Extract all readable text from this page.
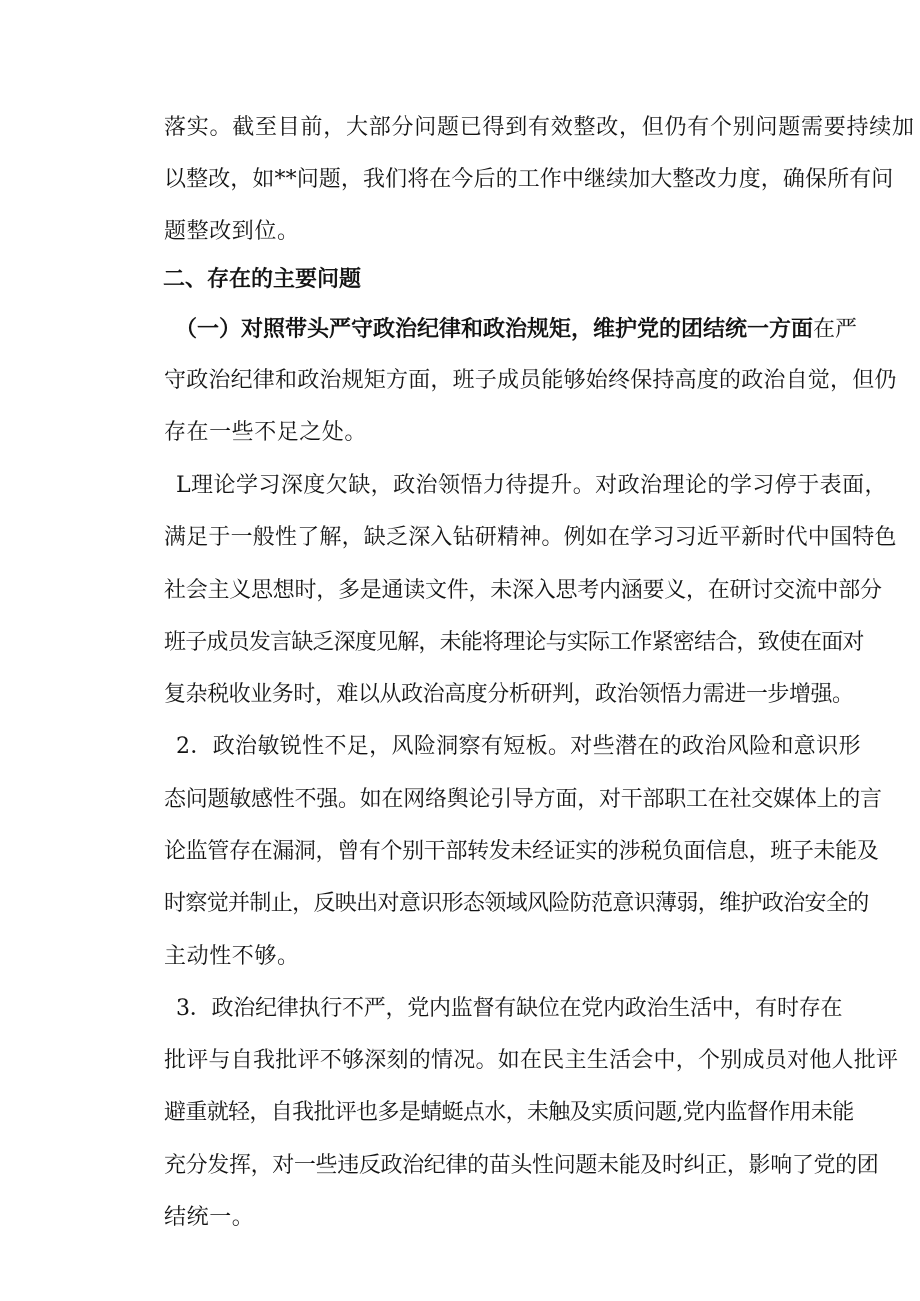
落实。截至目前，大部分问题已得到有效整改，但仍有个别问题需要持续加

以整改，如**问题，我们将在今后的工作中继续加大整改力度，确保所有问

题整改到位。

二、存在的主要问题

（一）对照带头严守政治纪律和政治规矩，维护党的团结统一方面在严

守政治纪律和政治规矩方面，班子成员能够始终保持高度的政治自觉，但仍

存在一些不足之处。

L理论学习深度欠缺，政治领悟力待提升。对政治理论的学习停于表面，

满足于一般性了解，缺乏深入钻研精神。例如在学习习近平新时代中国特色

社会主义思想时，多是通读文件，未深入思考内涵要义，在研讨交流中部分

班子成员发言缺乏深度见解，未能将理论与实际工作紧密结合，致使在面对

复杂税收业务时，难以从政治高度分析研判，政治领悟力需进一步增强。

2．政治敏锐性不足，风险洞察有短板。对些潜在的政治风险和意识形

态问题敏感性不强。如在网络舆论引导方面，对干部职工在社交媒体上的言

论监管存在漏洞，曾有个别干部转发未经证实的涉税负面信息，班子未能及

时察觉并制止，反映出对意识形态领域风险防范意识薄弱，维护政治安全的

主动性不够。

3．政治纪律执行不严，党内监督有缺位在党内政治生活中，有时存在

批评与自我批评不够深刻的情况。如在民主生活会中，个别成员对他人批评

避重就轻，自我批评也多是蜻蜓点水，未触及实质问题,党内监督作用未能

充分发挥，对一些违反政治纪律的苗头性问题未能及时纠正，影响了党的团

结统一。
